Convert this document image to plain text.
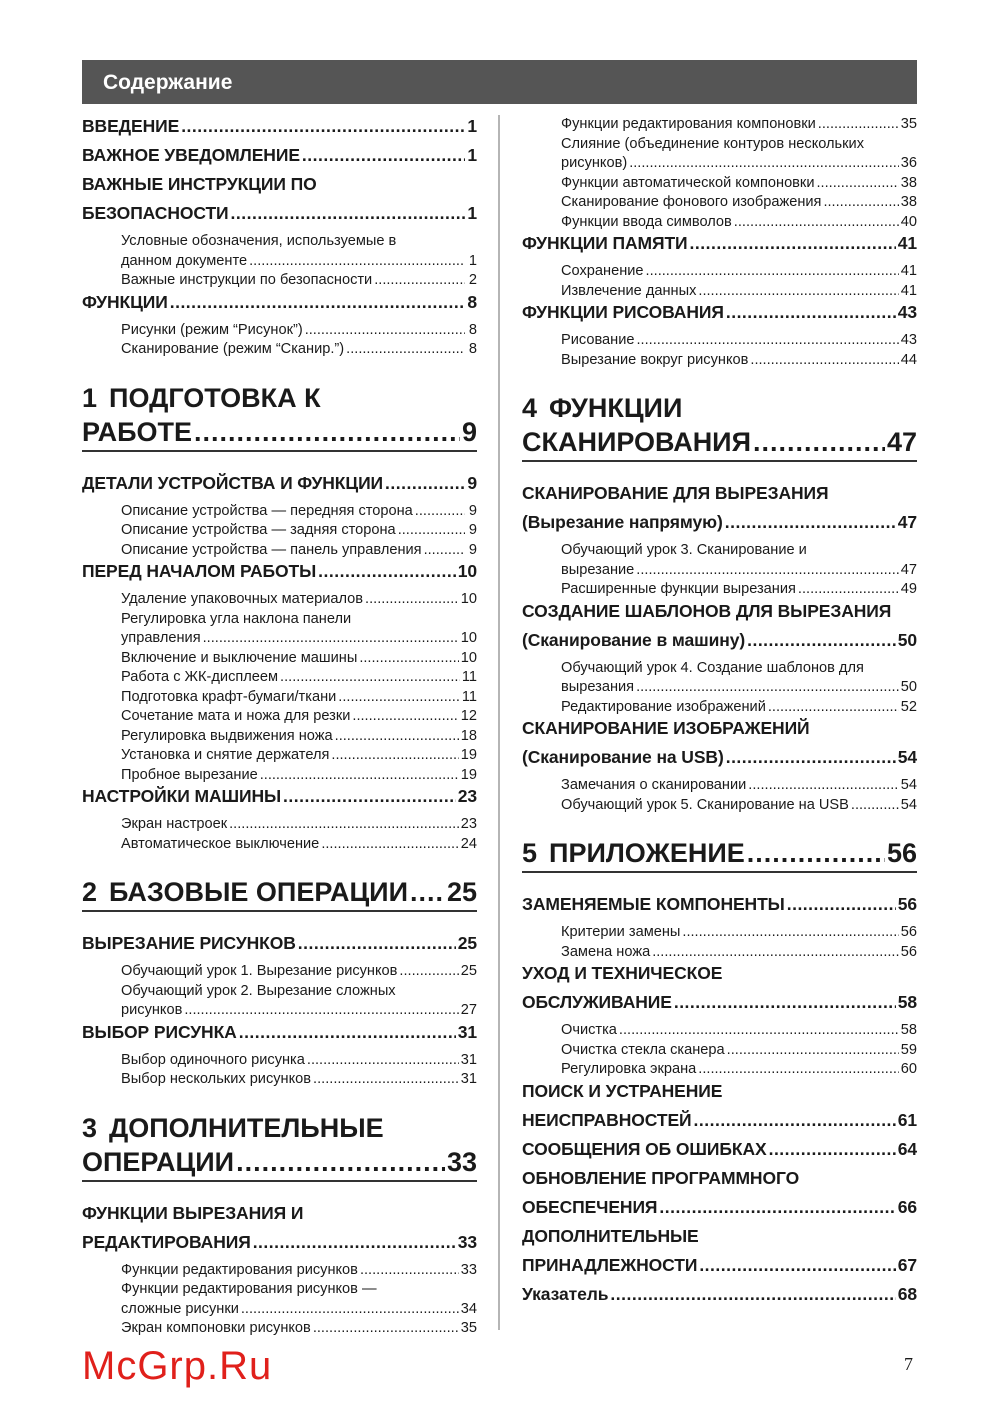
Содержание
ВВЕДЕНИЕ .....	1
ВАЖНОЕ УВЕДОМЛЕНИЕ .....	1
ВАЖНЫЕ ИНСТРУКЦИИ ПО
БЕЗОПАСНОСТИ .....	1
Условные обозначения, используемые в
данном документе .....	1
Важные инструкции по безопасности .....	2
ФУНКЦИИ .....	8
Рисунки (режим “Рисунок”) .....	8
Сканирование (режим “Сканир.”) .....	8
1 ПОДГОТОВКА К
РАБОТЕ .....	9
ДЕТАЛИ УСТРОЙСТВА И ФУНКЦИИ .....	9
Описание устройства — передняя сторона .....	9
Описание устройства — задняя сторона .....	9
Описание устройства — панель управления .....	9
ПЕРЕД НАЧАЛОМ РАБОТЫ .....	10
Удаление упаковочных материалов .....	10
Регулировка угла наклона панели
управления .....	10
Включение и выключение машины .....	10
Работа с ЖК-дисплеем .....	11
Подготовка крафт-бумаги/ткани .....	11
Сочетание мата и ножа для резки .....	12
Регулировка выдвижения ножа .....	18
Установка и снятие держателя .....	19
Пробное вырезание .....	19
НАСТРОЙКИ МАШИНЫ .....	23
Экран настроек .....	23
Автоматическое выключение .....	24
2 БАЗОВЫЕ ОПЕРАЦИИ ..... 25
ВЫРЕЗАНИЕ РИСУНКОВ .....	25
Обучающий урок 1. Вырезание рисунков .....	25
Обучающий урок 2. Вырезание сложных
рисунков .....	27
ВЫБОР РИСУНКА .....	31
Выбор одиночного рисунка .....	31
Выбор нескольких рисунков .....	31
3 ДОПОЛНИТЕЛЬНЫЕ
ОПЕРАЦИИ .....	33
ФУНКЦИИ ВЫРЕЗАНИЯ И
РЕДАКТИРОВАНИЯ .....	33
Функции редактирования рисунков .....	33
Функции редактирования рисунков —
сложные рисунки .....	34
Экран компоновки рисунков .....	35
Функции редактирования компоновки .....	35
Слияние (объединение контуров нескольких
рисунков) .....	36
Функции автоматической компоновки .....	38
Сканирование фонового изображения .....	38
Функции ввода символов .....	40
ФУНКЦИИ ПАМЯТИ .....	41
Сохранение .....	41
Извлечение данных .....	41
ФУНКЦИИ РИСОВАНИЯ .....	43
Рисование .....	43
Вырезание вокруг рисунков .....	44
4 ФУНКЦИИ
СКАНИРОВАНИЯ .....	47
СКАНИРОВАНИЕ ДЛЯ ВЫРЕЗАНИЯ
(Вырезание напрямую) .....	47
Обучающий урок 3. Сканирование и
вырезание .....	47
Расширенные функции вырезания .....	49
СОЗДАНИЕ ШАБЛОНОВ ДЛЯ ВЫРЕЗАНИЯ
(Сканирование в машину) .....	50
Обучающий урок 4. Создание шаблонов для
вырезания .....	50
Редактирование изображений .....	52
СКАНИРОВАНИЕ ИЗОБРАЖЕНИЙ
(Сканирование на USB) .....	54
Замечания о сканировании .....	54
Обучающий урок 5. Сканирование на USB .....	54
5 ПРИЛОЖЕНИЕ .....	56
ЗАМЕНЯЕМЫЕ КОМПОНЕНТЫ .....	56
Критерии замены .....	56
Замена ножа .....	56
УХОД И ТЕХНИЧЕСКОЕ
ОБСЛУЖИВАНИЕ .....	58
Очистка .....	58
Очистка стекла сканера .....	59
Регулировка экрана .....	60
ПОИСК И УСТРАНЕНИЕ
НЕИСПРАВНОСТЕЙ .....	61
СООБЩЕНИЯ ОБ ОШИБКАХ .....	64
ОБНОВЛЕНИЕ ПРОГРАММНОГО
ОБЕСПЕЧЕНИЯ .....	66
ДОПОЛНИТЕЛЬНЫЕ
ПРИНАДЛЕЖНОСТИ .....	67
Указатель .....	68
McGrp.Ru	7
